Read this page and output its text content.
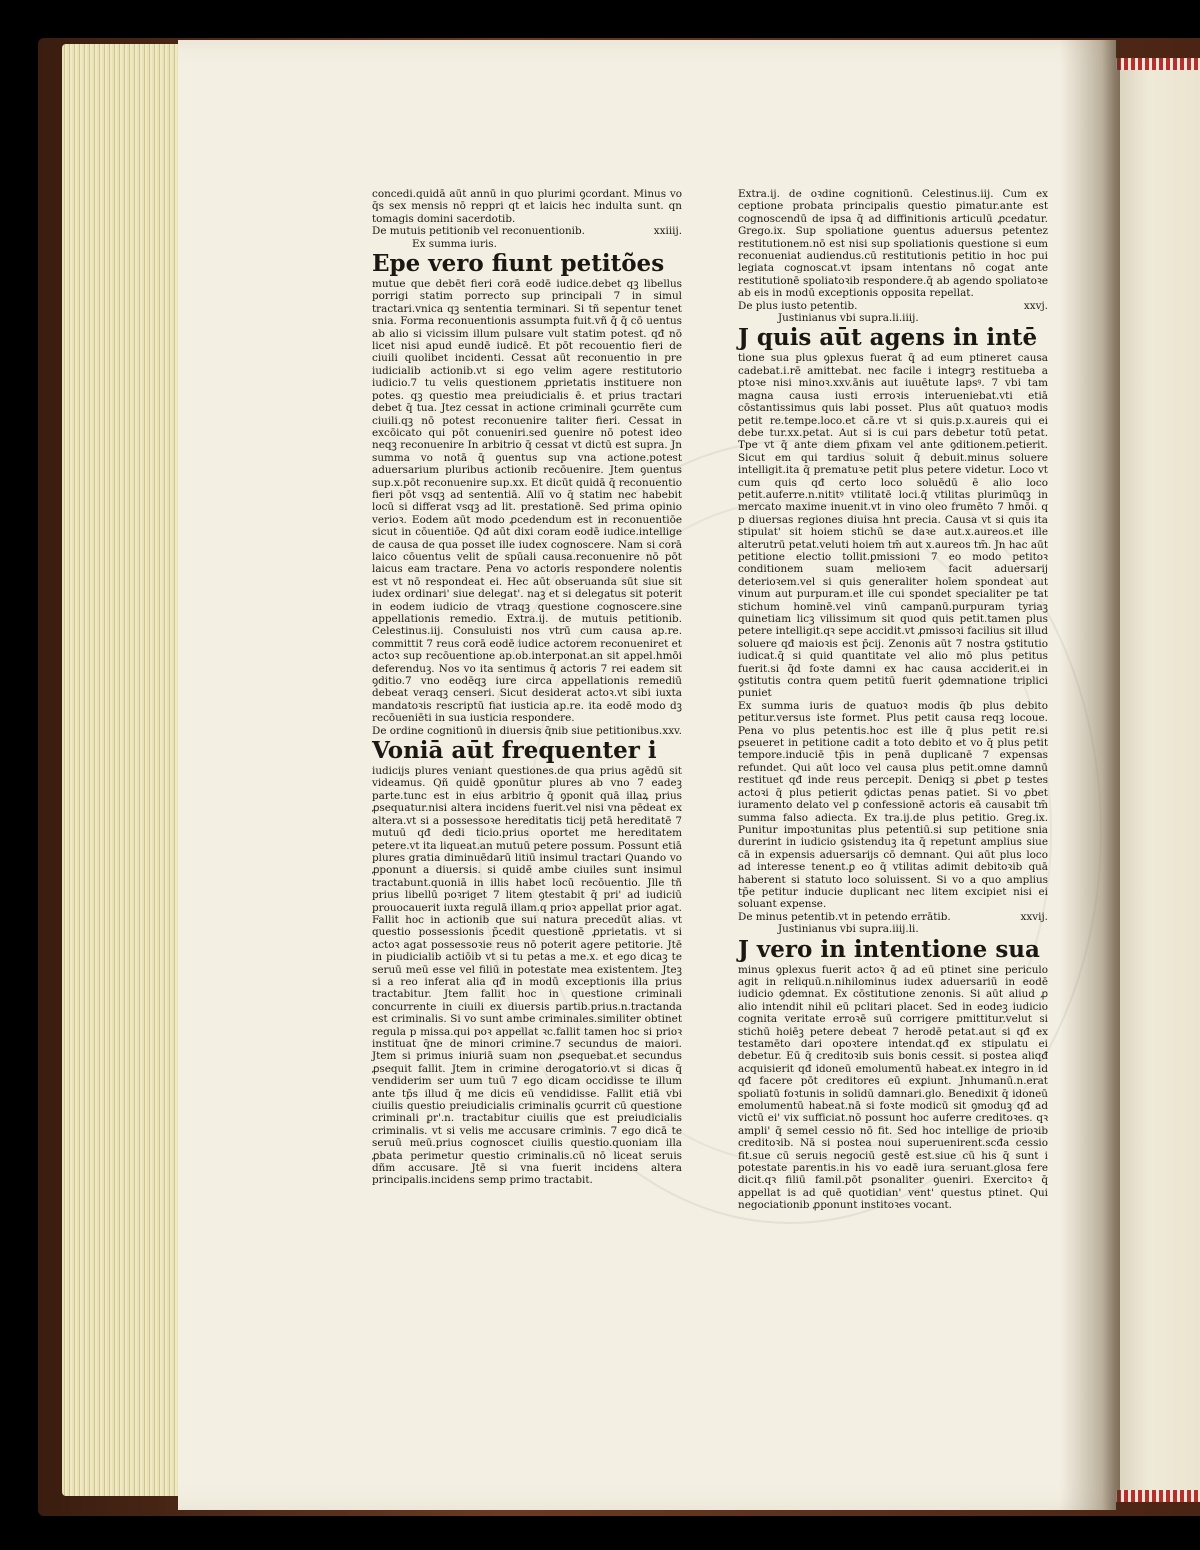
concedi.quidā aūt annū in quo plurimi ꝯcordant. Minus vo q̄s sex mensis nō reppri qt et laicis hec indulta sunt. qn tomagis domini sacerdotib.

De mutuis petitionib vel reconuentionib.	xxiiij.

Ex summa iuris.

Epe vero fiunt petitões

mutue que debēt fieri corā eodē iudice.debet qꝫ libellus porrigi statim porrecto sup principali 7 in simul tractari.vnica qꝫ sententia terminari. Si tñ sepentur tenet snia. Forma reconuentionis assumpta fuit.vñ q̄ q̄ cō uentus ab alio si vicissim illum pulsare vult statim potest. qđ nō licet nisi apud eundē iudicē. Et pōt recouentio fieri de ciuili quolibet incidenti. Cessat aūt reconuentio in pre iudicialib actionib.vt si ego velim agere restitutorio iudicio.7 tu velis questionem ꝓprietatis instituere non potes. qꝫ questio mea preiudicialis ē. et prius tractari debet q̄ tua. Jtez cessat in actione criminali ꝯcurrēte cum ciuili.qꝫ nō potest reconuenire taliter fieri. Cessat in excōicato qui pōt conueniri.sed ꝯuenire nō potest ideo neqꝫ reconuenire In arbitrio q̄ cessat vt dictū est supra. Jn summa vo notā q̄ ꝯuentus sup vna actione.potest aduersarium pluribus actionib recōuenire. Jtem ꝯuentus sup.x.pōt reconuenire sup.xx. Et dicūt quidā q̄ reconuentio fieri pōt vsqꝫ ad sententiā. Aliī vo q̄ statim nec habebit locū si differat vsqꝫ ad lit. prestationē. Sed prima opinio verioꝛ. Eodem aūt modo ꝓcedendum est in reconuentiōe sicut in cōuentiōe. Qđ aūt dixi coram eodē iudice.intellige de causa de qua posset ille iudex cognoscere. Nam si corā laico cōuentus velit de spūali causa.reconuenire nō pōt laicus eam tractare. Pena vo actoris respondere nolentis est vt nō respondeat ei. Hec aūt obseruanda sūt siue sit iudex ordinari' siue delegat'. naꝫ et si delegatus sit poterit in eodem iudicio de vtraqꝫ questione cognoscere.sine appellationis remedio. Extra.ij. de mutuis petitionib. Celestinus.iij. Consuluisti nos vtrū cum causa ap.re. committit 7 reus corā eodē iudice actorem reconueniret et actoꝛ sup recōuentione ap.ob.interponat.an sit appel.hmōi deferenduꝫ. Nos vo ita sentimus q̄ actoris 7 rei eadem sit ꝯditio.7 vno eodēqꝫ iure circa appellationis remediū debeat veraqꝫ censeri. Sicut desiderat actoꝛ.vt sibi iuxta mandatoꝛis rescriptū fiat iusticia ap.re. ita eodē modo dꝫ recōueniēti in sua iusticia respondere.

De ordine cognitionū in diuersis q̄nib siue petitionibus. xxv.

Voniā aūt frequenter i

iudicijs plures veniant questiones.de qua prius agēdū sit videamus. Qñ quidē ꝯponūtur plures ab vno 7 eadeꝫ parte.tunc est in eius arbitrio q̄ ꝯponit quā illaꝝ prius ꝓsequatur.nisi altera incidens fuerit.vel nisi vna pēdeat ex altera.vt si a possessoꝛe hereditatis ticij petā hereditatē 7 mutuū qđ dedi ticio.prius oportet me hereditatem petere.vt ita liqueat.an mutuū petere possum. Possunt etiā plures gratia diminuēdarū litiū insimul tractari Quando vo ꝓponunt a diuersis. si quidē ambe ciuiles sunt insimul tractabunt.quoniā in illis habet locū recōuentio. Jlle tñ prius libellū poꝛriget 7 litem ꝯtestabit q̄ pri' ad iudiciū prouocauerit iuxta regulā illam.q prioꝛ appellat prior agat. Fallit hoc in actionib que sui natura precedūt alias. vt questio possessionis p̄cedit questionē ꝓprietatis. vt si actoꝛ agat possessoꝛie reus nō poterit agere petitorie. Jtē in piudicialib actiōib vt si tu petas a me.x. et ego dicaꝫ te seruū meū esse vel filiū in potestate mea existentem. Jteꝫ si a reo inferat alia qđ in modū exceptionis illa prius tractabitur. Jtem fallit hoc in questione criminali concurrente in ciuili ex diuersis partib.prius.n.tractanda est criminalis. Si vo sunt ambe criminales.similiter obtinet regula p missa.qui poꝛ appellat ꝛc.fallit tamen hoc si prioꝛ instituat q̄ne de minori crimine.7 secundus de maiori. Jtem si primus iniuriā suam non ꝓsequebat.et secundus ꝓsequit fallit. Jtem in crimine derogatorio.vt si dicas q̄ vendiderim ser uum tuū 7 ego dicam occidisse te illum ante tp̄s illud q̄ me dicis eū vendidisse. Fallit etiā vbi ciuilis questio preiudicialis criminalis ꝯcurrit cū questione criminali ꝑr'.n. tractabitur ciuilis que est preiudicialis criminalis. vt si velis me accusare criminis. 7 ego dicā te seruū meū.prius cognoscet ciuilis questio.quoniam illa ꝓbata perimetur questio criminalis.cū nō liceat seruis dñm accusare. Jtē si vna fuerit incidens altera principalis.incidens semp primo tractabit.

Extra.ij. de oꝛdine cognitionū. Celestinus.iij. Cum ex ceptione probata principalis questio pimatur.ante est cognoscendū de ipsa q̄ ad diffinitionis articulū ꝓcedatur. Grego.ix. Sup spoliatione ꝯuentus aduersus petentez restitutionem.nō est nisi sup spoliationis questione si eum reconueniat audiendus.cū restitutionis petitio in hoc pui legiata cognoscat.vt ipsam intentans nō cogat ante restitutionē spoliatoꝛib respondere.q̄ ab agendo spoliatoꝛe ab eis in modū exceptionis opposita repellat.

De plus iusto petentib.	xxvj.

Justinianus vbi supra.li.iiij.

J quis aūt agens in intē

tione sua plus ꝯplexus fuerat q̄ ad eum ptineret causa cadebat.i.rē amittebat. nec facile i integrꝫ restitueba a ptoꝛe nisi minoꝛ.xxv.ānis aut iuuētute lapsꝰ. 7 vbi tam magna causa iusti erroꝛis interueniebat.vti etiā cōstantissimus quis labi posset. Plus aūt quatuoꝛ modis petit re.tempe.loco.et cā.re vt si quis.p.x.aureis qui ei debe tur.xx.petat. Aut si is cui pars debetur totū petat. Tpe vt q̄ ante diem ꝑfixam vel ante ꝯditionem.petierit. Sicut em qui tardius soluit q̄ debuit.minus soluere intelligit.ita q̄ prematuꝛe petit plus petere videtur. Loco vt cum quis qđ certo loco soluēdū ē alio loco petit.auferre.n.nititꝰ vtilitatē loci.q̄ vtilitas plurimūqꝫ in mercato maxime inuenit.vt in vino oleo frumēto 7 hmōi. q p diuersas regiones diuisa hnt precia. Causa vt si quis ita stipulat' sit hoiem stichū se daꝛe aut.x.aureos.et ille alterutrū petat.veluti hoiem tm̄ aut x.aureos tm̄. Jn hac aūt petitione electio tollit.ꝑmissioni 7 eo modo petitoꝛ conditionem suam melioꝛem facit aduersarij deterioꝛem.vel si quis generaliter hoīem spondeat aut vinum aut purpuram.et ille cui spondet specialiter pe tat stichum hominē.vel vinū campanū.purpuram tyriaꝫ quinetiam licꝫ vilissimum sit quod quis petit.tamen plus petere intelligit.qꝛ sepe accidit.vt ꝓmissoꝛi facilius sit illud soluere qđ maioꝛis est p̄cij. Zenonis aūt 7 nostra ꝯstitutio iudicat.q̄ si quid quantitate vel alio mō plus petitus fuerit.si q̄d foꝛte damni ex hac causa acciderit.ei in ꝯstitutis contra quem petitū fuerit ꝯdemnatione triplici puniet

Ex summa iuris de quatuoꝛ modis q̄b plus debito petitur.versus iste formet. Plus petit causa reqꝫ locoue. Pena vo plus petentis.hoc est ille q̄ plus petit re.si ꝑseueret in petitione cadit a toto debito et vo q̄ plus petit tempore.induciē tp̄is in penā duplicanē 7 expensas refundet. Qui aūt loco vel causa plus petit.omne damnū restituet qđ inde reus percepit. Deniqꝫ si ꝓbet ꝑ testes actoꝛi q̄ plus petierit ꝯdictas penas patiet. Si vo ꝓbet iuramento delato vel ꝑ confessionē actoris eā causabit tm̄ summa falso adiecta. Ex tra.ij.de plus petitio. Greg.ix. Punitur impoꝛtunitas plus petentiū.si sup petitione snia durerint in iudicio ꝯsistenduꝫ ita q̄ repetunt amplius siue cā in expensis aduersarijs cō demnant. Qui aūt plus loco ad interesse tenent.ꝑ eo q̄ vtilitas adimit debitoꝛib quā haberent si statuto loco soluissent. Si vo a quo amplius tp̄e petitur inducie duplicant nec litem excipiet nisi ei soluant expense.

De minus petentib.vt in petendo errātib.	xxvij.

Justinianus vbi supra.iiij.li.

J vero in intentione sua

minus ꝯplexus fuerit actoꝛ q̄ ad eū ptinet sine periculo agit in reliquū.n.nihilominus iudex aduersariū in eodē iudicio ꝯdemnat. Ex cōstitutione zenonis. Si aūt aliud ꝓ alio intendit nihil eū pclitari placet. Sed in eodeꝫ iudicio cognita veritate erroꝛē suū corrigere pmittitur.velut si stichū hoiēꝫ petere debeat 7 herodē petat.aut si qđ ex testamēto dari opoꝛtere intendat.qđ ex stipulatu ei debetur. Eū q̄ creditoꝛib suis bonis cessit. si postea aliqđ acquisierit qđ idoneū emolumentū habeat.ex integro in id qđ facere pōt creditores eū exꝑiunt. Jnhumanū.n.erat spoliatū foꝛtunis in solidū damnari.glo. Benedixit q̄ idoneū emolumentū habeat.nā si foꝛte modicū sit ꝯmoduꝫ qđ ad victū ei' vix sufficiat.nō possunt hoc auferre creditoꝛes. qꝛ ampli' q̄ semel cessio nō fit. Sed hoc intellige de prioꝛib creditoꝛib. Nā si postea noui superuenirent.scđa cessio fit.sue cū seruis negociū gestē est.siue cū his q̄ sunt i potestate parentis.in his vo eadē iura seruant.glosa fere dicit.qꝛ filiū famil.pōt ꝑsonaliter ꝯueniri. Exercitoꝛ q̄ appellat is ad quē quotidian' vent' questus ptinet. Qui negociationib ꝓponunt institoꝛes vocant.
